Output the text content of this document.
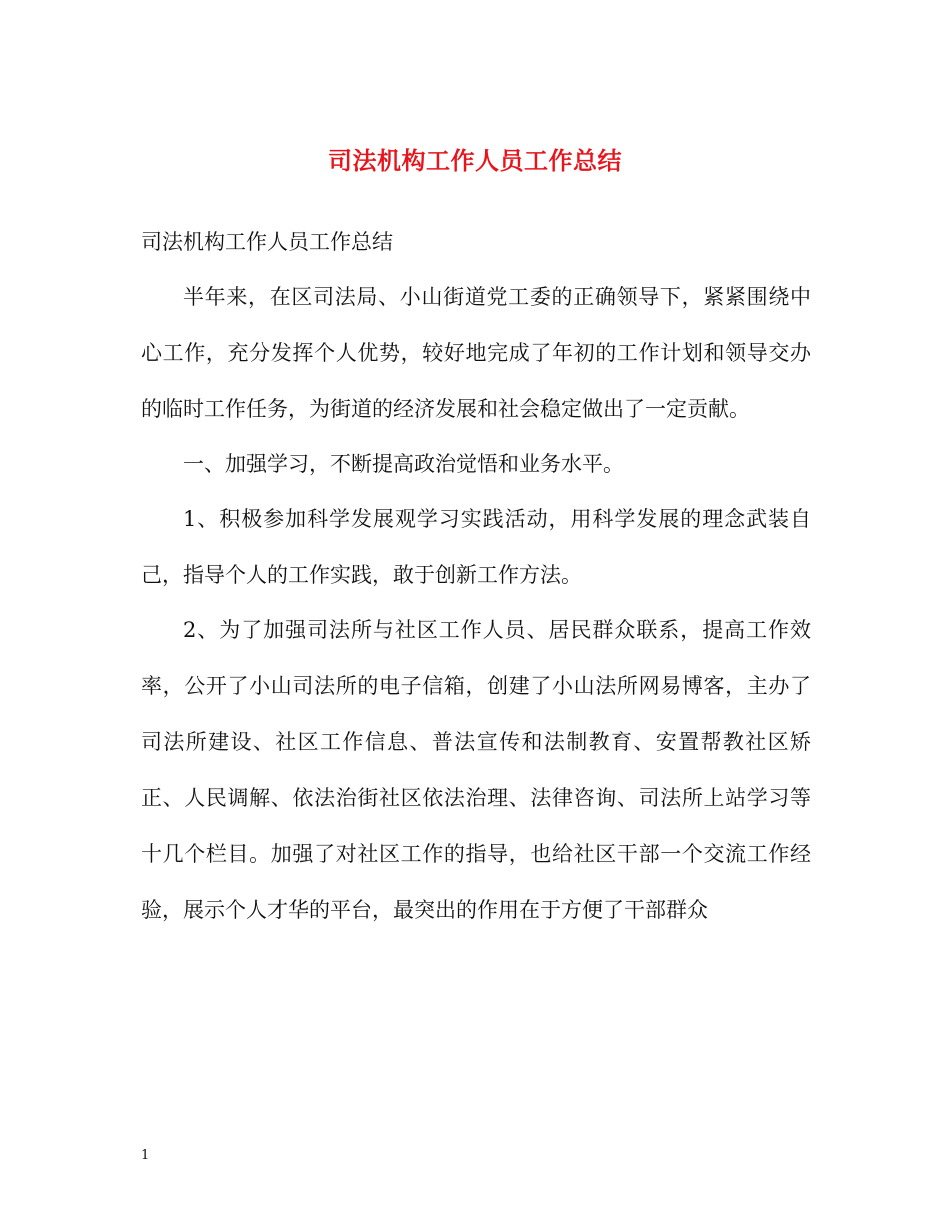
司法机构工作人员工作总结

司法机构工作人员工作总结

半年来，在区司法局、小山街道党工委的正确领导下，紧紧围绕中心工作，充分发挥个人优势，较好地完成了年初的工作计划和领导交办的临时工作任务，为街道的经济发展和社会稳定做出了一定贡献。

一、加强学习，不断提高政治觉悟和业务水平。

1、积极参加科学发展观学习实践活动，用科学发展的理念武装自己，指导个人的工作实践，敢于创新工作方法。

2、为了加强司法所与社区工作人员、居民群众联系，提高工作效率，公开了小山司法所的电子信箱，创建了小山法所网易博客，主办了司法所建设、社区工作信息、普法宣传和法制教育、安置帮教社区矫正、人民调解、依法治街社区依法治理、法律咨询、司法所上站学习等十几个栏目。加强了对社区工作的指导，也给社区干部一个交流工作经验，展示个人才华的平台，最突出的作用在于方便了干部群众

1
